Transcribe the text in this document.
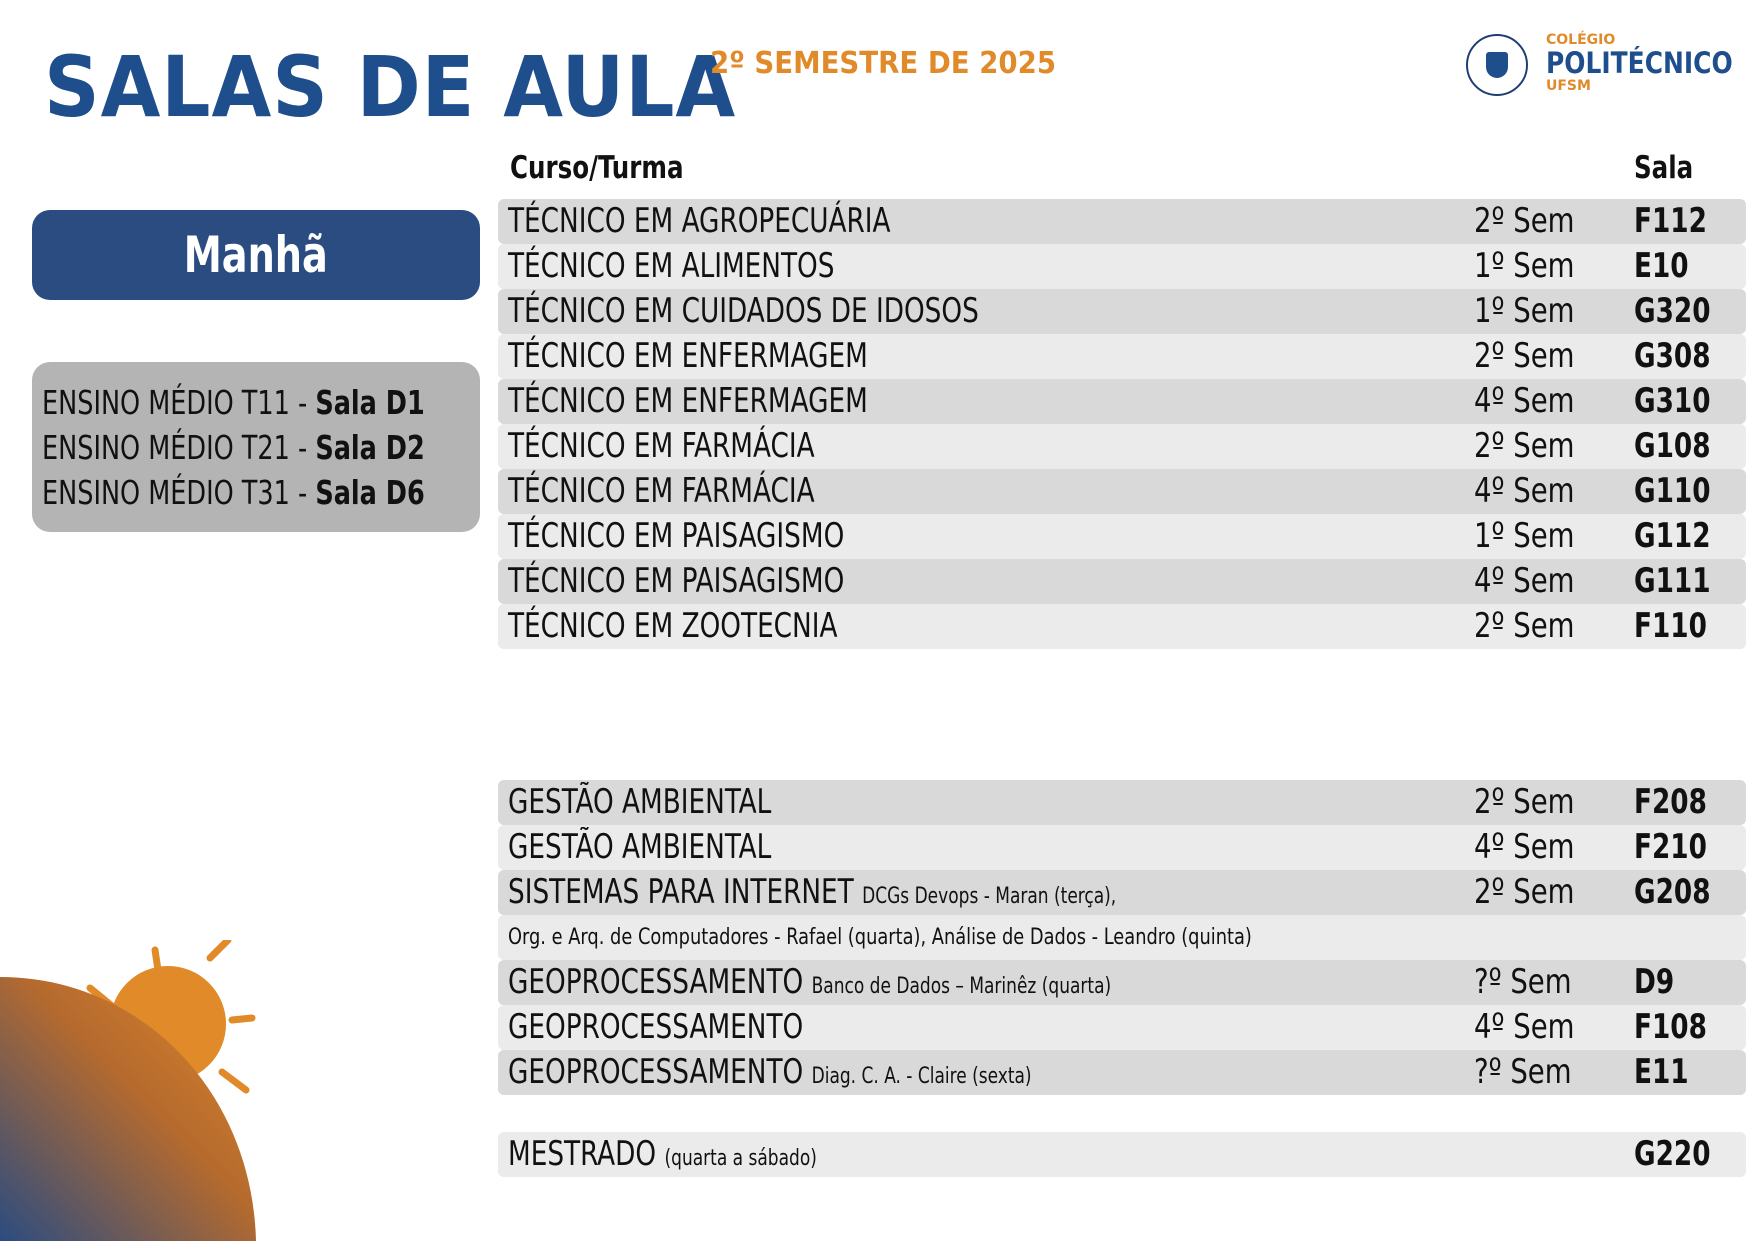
SALAS DE AULA
2º SEMESTRE DE 2025
COLÉGIO
POLITÉCNICO
UFSM
Manhã
ENSINO MÉDIO T11 - Sala D1
ENSINO MÉDIO T21 - Sala D2
ENSINO MÉDIO T31 - Sala D6
Curso/Turma	Sala
TÉCNICO EM AGROPECUÁRIA	2º Sem F112
TÉCNICO EM ALIMENTOS	1º Sem E10
TÉCNICO EM CUIDADOS DE IDOSOS	1º Sem G320
TÉCNICO EM ENFERMAGEM	2º Sem G308
TÉCNICO EM ENFERMAGEM	4º Sem G310
TÉCNICO EM FARMÁCIA	2º Sem G108
TÉCNICO EM FARMÁCIA	4º Sem G110
TÉCNICO EM PAISAGISMO	1º Sem G112
TÉCNICO EM PAISAGISMO	4º Sem G111
TÉCNICO EM ZOOTECNIA	2º Sem F110
GESTÃO AMBIENTAL	2º Sem F208
GESTÃO AMBIENTAL	4º Sem F210
SISTEMAS PARA INTERNET DCGs Devops - Maran (terça),	2º Sem G208
Org. e Arq. de Computadores - Rafael (quarta), Análise de Dados - Leandro (quinta)
GEOPROCESSAMENTO Banco de Dados – Marinêz (quarta)	?º Sem D9
GEOPROCESSAMENTO	4º Sem F108
GEOPROCESSAMENTO Diag. C. A. - Claire (sexta)	?º Sem E11
MESTRADO (quarta a sábado)	G220
